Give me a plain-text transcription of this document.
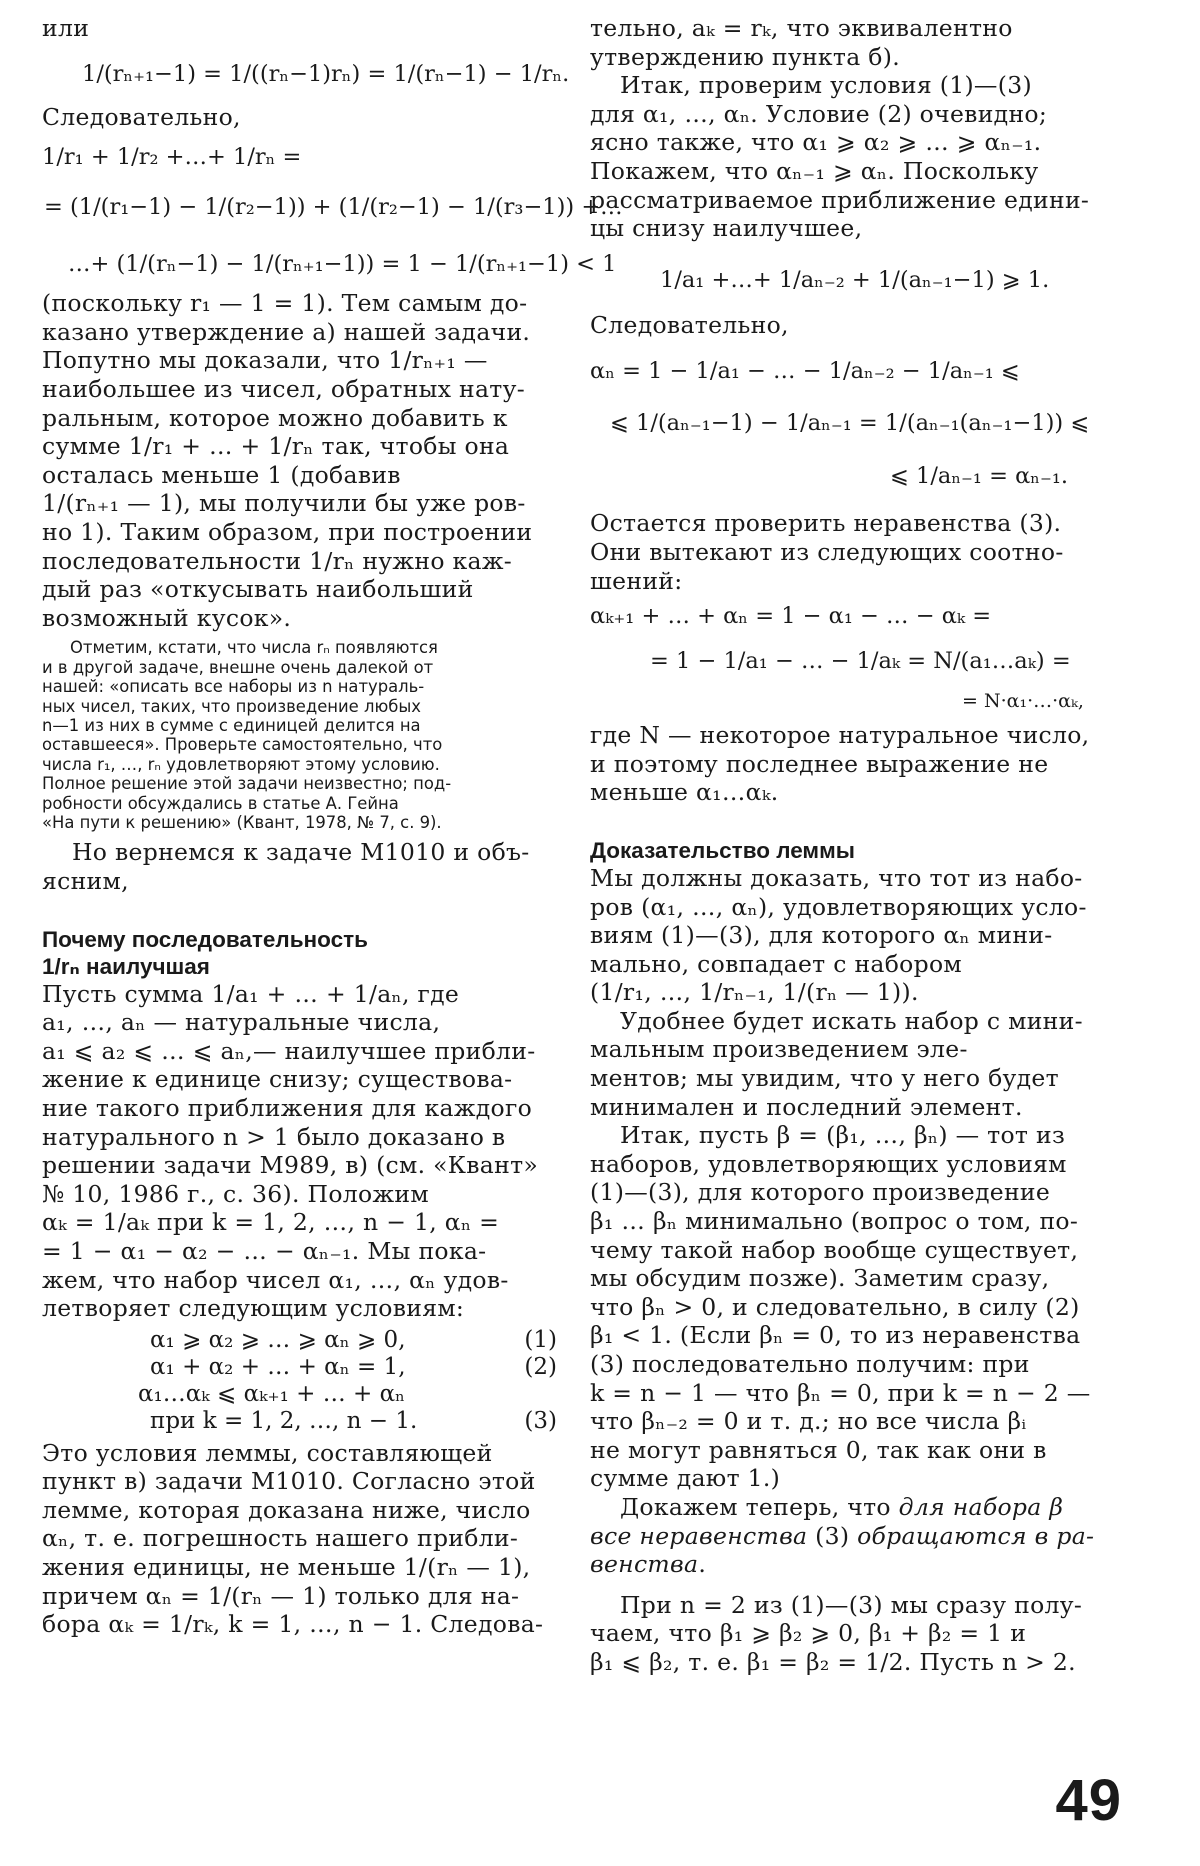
или

1/(rₙ₊₁−1) = 1/((rₙ−1)rₙ) = 1/(rₙ−1) − 1/rₙ.

Следовательно,

1/r₁ + 1/r₂ +…+ 1/rₙ =

= (1/(r₁−1) − 1/(r₂−1)) + (1/(r₂−1) − 1/(r₃−1)) +…

…+ (1/(rₙ−1) − 1/(rₙ₊₁−1)) = 1 − 1/(rₙ₊₁−1) < 1

(поскольку r₁ — 1 = 1). Тем самым до-
казано утверждение а) нашей задачи.
Попутно мы доказали, что 1/rₙ₊₁ —
наибольшее из чисел, обратных нату-
ральным, которое можно добавить к
сумме 1/r₁ + … + 1/rₙ так, чтобы она
осталась меньше 1 (добавив
1/(rₙ₊₁ — 1), мы получили бы уже ров-
но 1). Таким образом, при построении
последовательности 1/rₙ нужно каж-
дый раз «откусывать наибольший
возможный кусок».

Отметим, кстати, что числа rₙ появляются
и в другой задаче, внешне очень далекой от
нашей: «описать все наборы из n натураль-
ных чисел, таких, что произведение любых
n—1 из них в сумме с единицей делится на
оставшееся». Проверьте самостоятельно, что
числа r₁, …, rₙ удовлетворяют этому условию.
Полное решение этой задачи неизвестно; под-
робности обсуждались в статье А. Гейна
«На пути к решению» (Квант, 1978, № 7, с. 9).

Но вернемся к задаче М1010 и объ-
ясним,

Почему последовательность
1/rₙ наилучшая

Пусть сумма 1/a₁ + … + 1/aₙ, где
a₁, …, aₙ — натуральные числа,
a₁ ⩽ a₂ ⩽ … ⩽ aₙ,— наилучшее прибли-
жение к единице снизу; существова-
ние такого приближения для каждого
натурального n > 1 было доказано в
решении задачи М989, в) (см. «Квант»
№ 10, 1986 г., с. 36). Положим
αₖ = 1/aₖ при k = 1, 2, …, n − 1, αₙ =
= 1 − α₁ − α₂ − … − αₙ₋₁. Мы пока-
жем, что набор чисел α₁, …, αₙ удов-
летворяет следующим условиям:

α₁ ⩾ α₂ ⩾ … ⩾ αₙ ⩾ 0,	(1)
α₁ + α₂ + … + αₙ = 1,	(2)
α₁…αₖ ⩽ αₖ₊₁ + … + αₙ
при k = 1, 2, …, n − 1.	(3)

Это условия леммы, составляющей
пункт в) задачи М1010. Согласно этой
лемме, которая доказана ниже, число
αₙ, т. е. погрешность нашего прибли-
жения единицы, не меньше 1/(rₙ — 1),
причем αₙ = 1/(rₙ — 1) только для на-
бора αₖ = 1/rₖ, k = 1, …, n − 1. Следова-

тельно, aₖ = rₖ, что эквивалентно
утверждению пункта б).

Итак, проверим условия (1)—(3)
для α₁, …, αₙ. Условие (2) очевидно;
ясно также, что α₁ ⩾ α₂ ⩾ … ⩾ αₙ₋₁.
Покажем, что αₙ₋₁ ⩾ αₙ. Поскольку
рассматриваемое приближение едини-
цы снизу наилучшее,

1/a₁ +…+ 1/aₙ₋₂ + 1/(aₙ₋₁−1) ⩾ 1.

Следовательно,

αₙ = 1 − 1/a₁ − … − 1/aₙ₋₂ − 1/aₙ₋₁ ⩽

⩽ 1/(aₙ₋₁−1) − 1/aₙ₋₁ = 1/(aₙ₋₁(aₙ₋₁−1)) ⩽

⩽ 1/aₙ₋₁ = αₙ₋₁.

Остается проверить неравенства (3).
Они вытекают из следующих соотно-
шений:

αₖ₊₁ + … + αₙ = 1 − α₁ − … − αₖ =

= 1 − 1/a₁ − … − 1/aₖ = N/(a₁…aₖ) =

= N·α₁·…·αₖ,

где N — некоторое натуральное число,
и поэтому последнее выражение не
меньше α₁…αₖ.

Доказательство леммы

Мы должны доказать, что тот из набо-
ров (α₁, …, αₙ), удовлетворяющих усло-
виям (1)—(3), для которого αₙ мини-
мально, совпадает с набором
(1/r₁, …, 1/rₙ₋₁, 1/(rₙ — 1)).

Удобнее будет искать набор с мини-
мальным произведением эле-
ментов; мы увидим, что у него будет
минимален и последний элемент.

Итак, пусть β = (β₁, …, βₙ) — тот из
наборов, удовлетворяющих условиям
(1)—(3), для которого произведение
β₁ … βₙ минимально (вопрос о том, по-
чему такой набор вообще существует,
мы обсудим позже). Заметим сразу,
что βₙ > 0, и следовательно, в силу (2)
β₁ < 1. (Если βₙ = 0, то из неравенства
(3) последовательно получим: при
k = n − 1 — что βₙ = 0, при k = n − 2 —
что βₙ₋₂ = 0 и т. д.; но все числа βᵢ
не могут равняться 0, так как они в
сумме дают 1.)

Докажем теперь, что для набора β
все неравенства (3) обращаются в ра-
венства.

При n = 2 из (1)—(3) мы сразу полу-
чаем, что β₁ ⩾ β₂ ⩾ 0, β₁ + β₂ = 1 и
β₁ ⩽ β₂, т. е. β₁ = β₂ = 1/2. Пусть n > 2.

49
